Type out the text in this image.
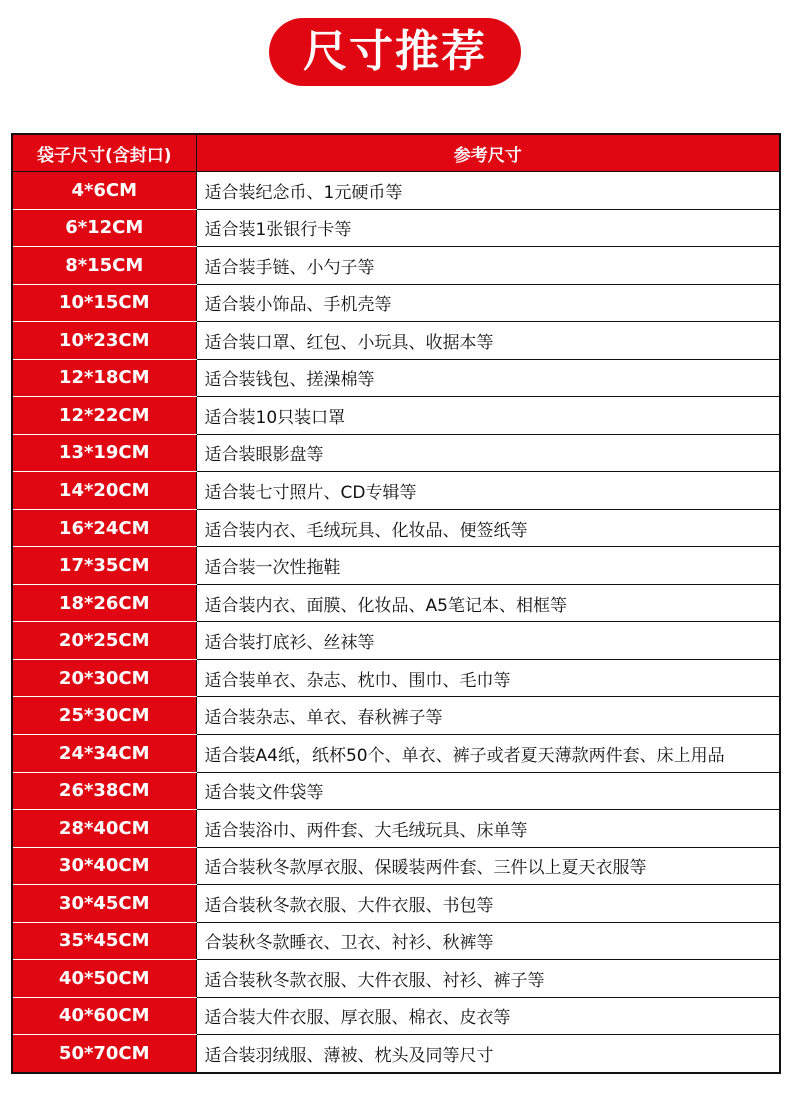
尺寸推荐
袋子尺寸(含封口)	参考尺寸
4*6CM	适合装纪念币、1元硬币等
6*12CM	适合装1张银行卡等
8*15CM	适合装手链、小勺子等
10*15CM	适合装小饰品、手机壳等
10*23CM	适合装口罩、红包、小玩具、收据本等
12*18CM	适合装钱包、搓澡棉等
12*22CM	适合装10只装口罩
13*19CM	适合装眼影盘等
14*20CM	适合装七寸照片、CD专辑等
16*24CM	适合装内衣、毛绒玩具、化妆品、便签纸等
17*35CM	适合装一次性拖鞋
18*26CM	适合装内衣、面膜、化妆品、A5笔记本、相框等
20*25CM	适合装打底衫、丝袜等
20*30CM	适合装单衣、杂志、枕巾、围巾、毛巾等
25*30CM	适合装杂志、单衣、春秋裤子等
24*34CM	适合装A4纸，纸杯50个、单衣、裤子或者夏天薄款两件套、床上用品
26*38CM	适合装文件袋等
28*40CM	适合装浴巾、两件套、大毛绒玩具、床单等
30*40CM	适合装秋冬款厚衣服、保暖装两件套、三件以上夏天衣服等
30*45CM	适合装秋冬款衣服、大件衣服、书包等
35*45CM	合装秋冬款睡衣、卫衣、衬衫、秋裤等
40*50CM	适合装秋冬款衣服、大件衣服、衬衫、裤子等
40*60CM	适合装大件衣服、厚衣服、棉衣、皮衣等
50*70CM	适合装羽绒服、薄被、枕头及同等尺寸
